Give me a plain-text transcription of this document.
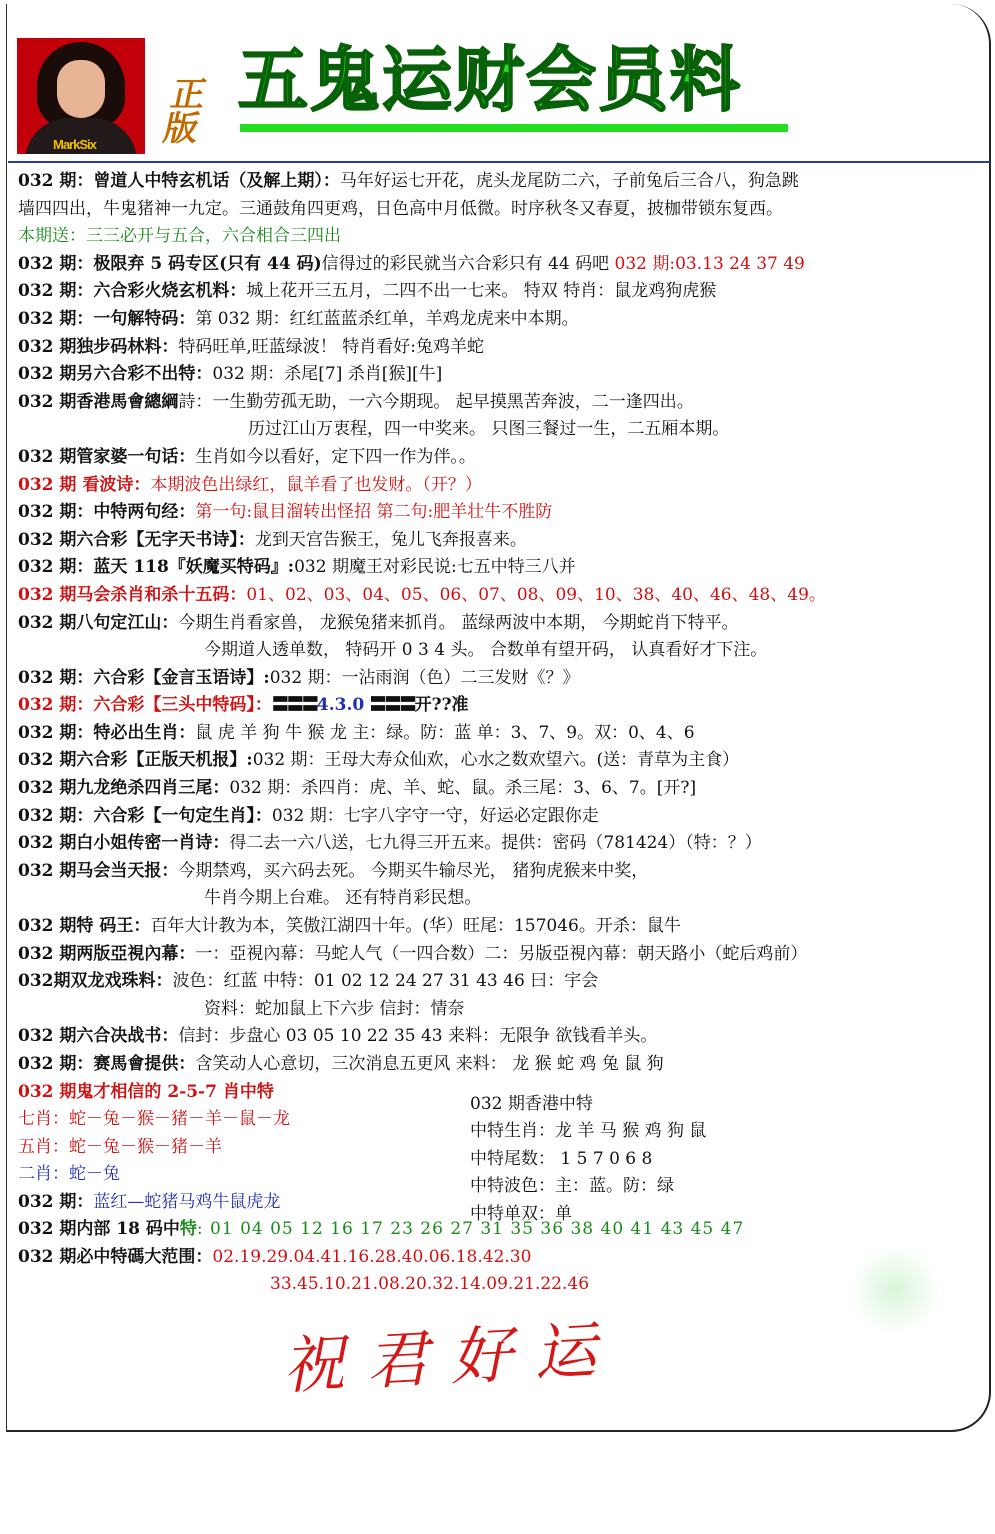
MarkSix
正版
五鬼运财会员料
032 期：曾道人中特玄机话（及解上期）：马年好运七开花，虎头龙尾防二六，子前兔后三合八，狗急跳
墙四四出，牛鬼猪神一九定。三通鼓角四更鸡，日色高中月低微。时序秋冬又春夏，披枷带锁东复西。
本期送：三三必开与五合，六合相合三四出
032 期：极限弃 5 码专区(只有 44 码)信得过的彩民就当六合彩只有 44 码吧 032 期:03.13 24 37 49
032 期：六合彩火烧玄机料：城上花开三五月，二四不出一七来。 特双 特肖：鼠龙鸡狗虎猴
032 期：一句解特码：第 032 期：红红蓝蓝杀红单，羊鸡龙虎来中本期。
032 期独步码林料：特码旺单,旺蓝绿波！ 特肖看好:兔鸡羊蛇
032 期另六合彩不出特：032 期：杀尾[7] 杀肖[猴][牛]
032 期香港馬會總綱詩：一生勤劳孤无助，一六今期现。 起早摸黑苦奔波，二一逢四出。
历过江山万衷程，四一中奖来。 只图三餐过一生，二五厢本期。
032 期管家婆一句话：生肖如今以看好，定下四一作为伴。。
032 期 看波诗：本期波色出绿红，鼠羊看了也发财。（开？）
032 期：中特两句经：第一句:鼠目溜转出怪招 第二句:肥羊壮牛不胜防
032 期六合彩【无字天书诗】：龙到天宫告猴王，兔儿飞奔报喜来。
032 期：蓝天 118『妖魔买特码』:032 期魔王对彩民说:七五中特三八并
032 期马会杀肖和杀十五码：01、02、03、04、05、06、07、08、09、10、38、40、46、48、49。
032 期八句定江山：今期生肖看家兽， 龙猴兔猪来抓肖。 蓝绿两波中本期， 今期蛇肖下特平。
今期道人透单数， 特码开 0 3 4 头。 合数单有望开码， 认真看好才下注。
032 期：六合彩【金言玉语诗】:032 期：一沾雨润（色）二三发财《？》
032 期：六合彩【三头中特码】：〓〓〓4.3.0 〓〓〓开??准
032 期：特必出生肖：鼠 虎 羊 狗 牛 猴 龙 主：绿。防：蓝 单：3、7、9。双：0、4、6
032 期六合彩【正版天机报】:032 期：王母大寿众仙欢，心水之数欢望六。(送：青草为主食）
032 期九龙绝杀四肖三尾：032 期：杀四肖：虎、羊、蛇、鼠。杀三尾：3、6、7。[开?]
032 期：六合彩【一句定生肖】：032 期：七字八字守一守，好运必定跟你走
032 期白小姐传密一肖诗：得二去一六八送，七九得三开五来。提供：密码（781424）（特：？）
032 期马会当天报：今期禁鸡，买六码去死。 今期买牛输尽光， 猪狗虎猴来中奖，
牛肖今期上台难。 还有特肖彩民想。
032 期特 码王：百年大计教为本，笑傲江湖四十年。(华）旺尾：157046。开杀：鼠牛
032 期两版亞視內幕：一：亞視內幕：马蛇人气（一四合数）二：另版亞視內幕：朝天路小（蛇后鸡前）
032期双龙戏珠料：波色：红蓝 中特：01 02 12 24 27 31 43 46 曰：宇会
资料：蛇加鼠上下六步 信封：情奈
032 期六合决战书：信封：步盘心 03 05 10 22 35 43 来料：无限争 欲钱看羊头。
032 期：赛馬會提供：含笑动人心意切，三次消息五更风 来料： 龙 猴 蛇 鸡 兔 鼠 狗
032 期鬼才相信的 2-5-7 肖中特
七肖：蛇－兔－猴－猪－羊－鼠－龙
五肖：蛇－兔－猴－猪－羊
二肖：蛇－兔
032 期香港中特
中特生肖：龙 羊 马 猴 鸡 狗 鼠
中特尾数： 1 5 7 0 6 8
中特波色：主：蓝。防：绿
中特单双：单
032 期：蓝红—蛇猪马鸡牛鼠虎龙
032 期内部 18 码中特: 01 04 05 12 16 17 23 26 27 31 35 36 38 40 41 43 45 47
032 期必中特碼大范围：02.19.29.04.41.16.28.40.06.18.42.30
33.45.10.21.08.20.32.14.09.21.22.46
祝君好运
